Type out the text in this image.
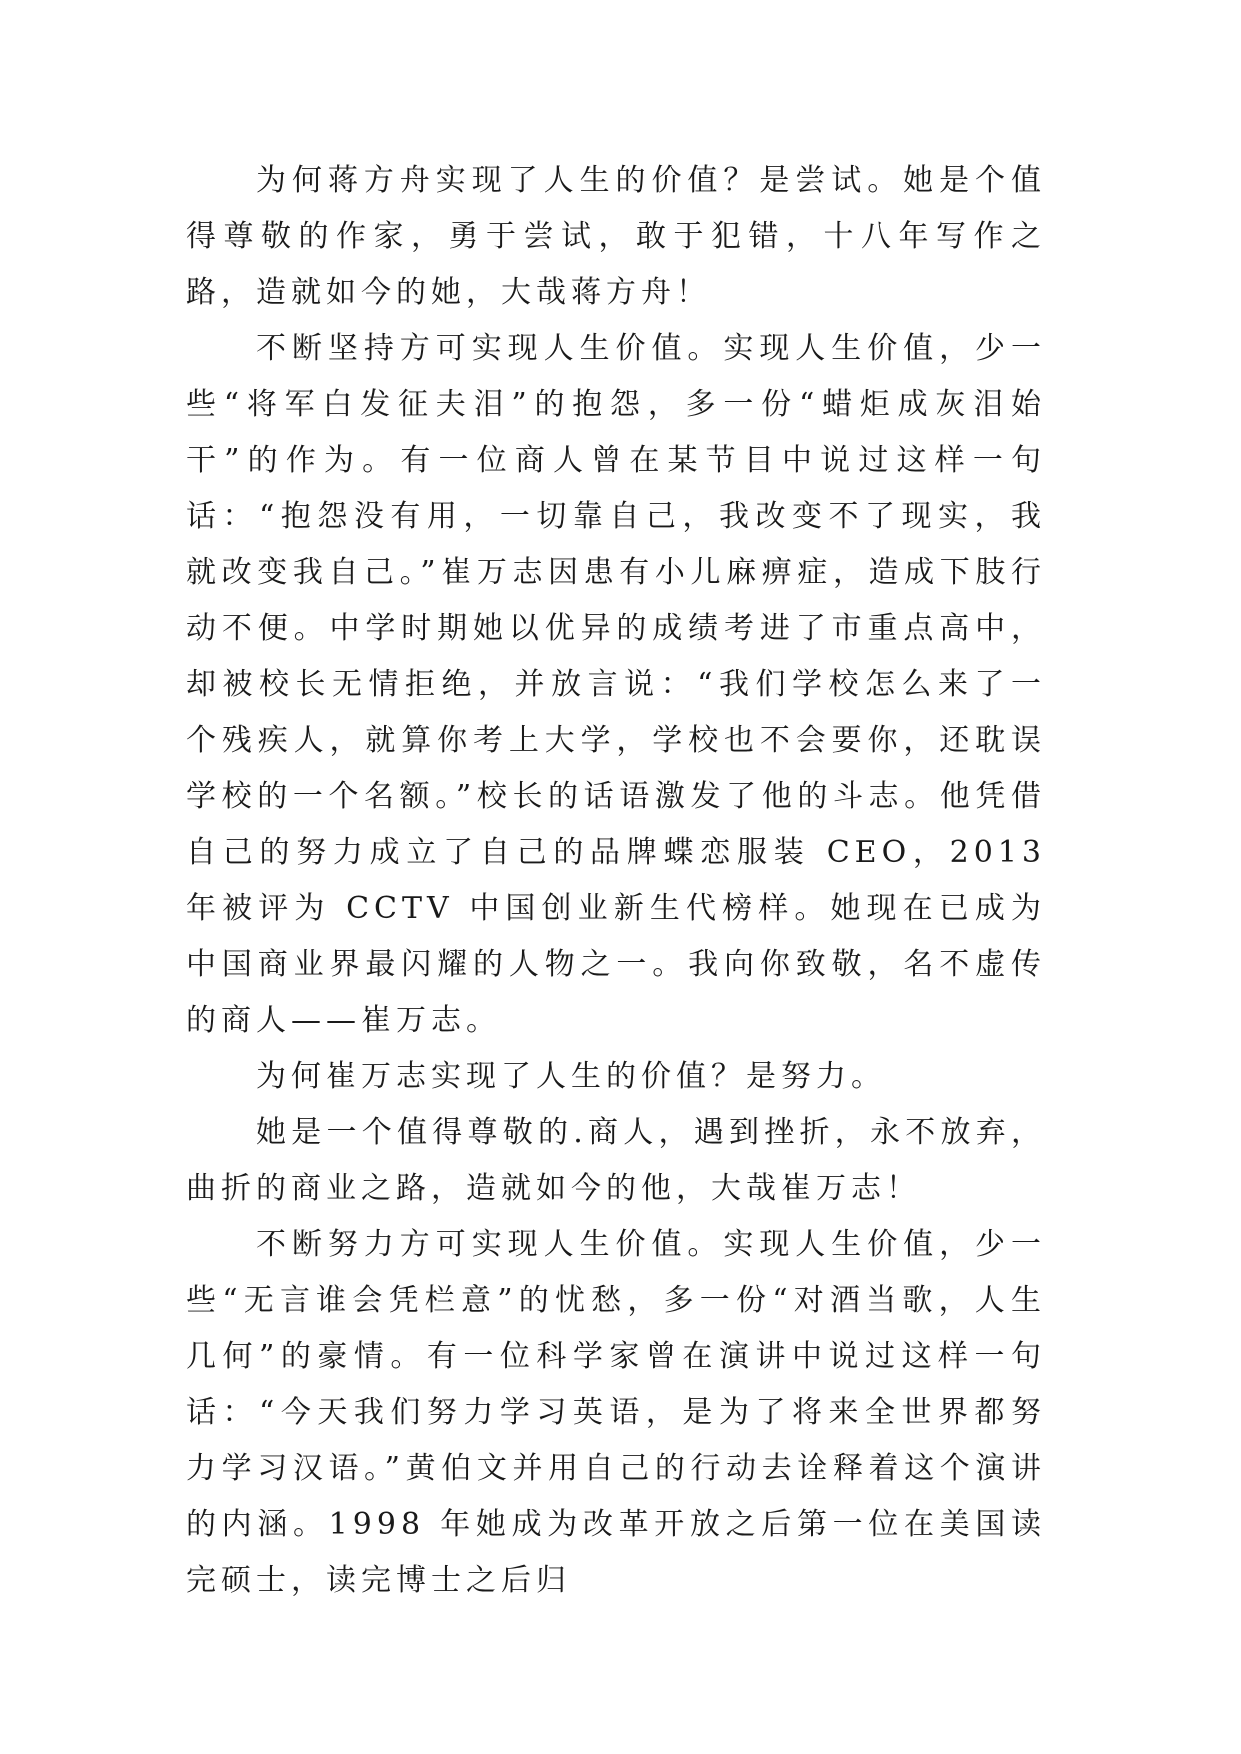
为何蒋方舟实现了人生的价值？是尝试。她是个值得尊敬的作家，勇于尝试，敢于犯错，十八年写作之路，造就如今的她，大哉蒋方舟！

不断坚持方可实现人生价值。实现人生价值，少一些“将军白发征夫泪”的抱怨，多一份“蜡炬成灰泪始干”的作为。有一位商人曾在某节目中说过这样一句话：“抱怨没有用，一切靠自己，我改变不了现实，我就改变我自己。”崔万志因患有小儿麻痹症，造成下肢行动不便。中学时期她以优异的成绩考进了市重点高中，却被校长无情拒绝，并放言说：“我们学校怎么来了一个残疾人，就算你考上大学，学校也不会要你，还耽误学校的一个名额。”校长的话语激发了他的斗志。他凭借自己的努力成立了自己的品牌蝶恋服装 CEO，2013 年被评为 CCTV 中国创业新生代榜样。她现在已成为中国商业界最闪耀的人物之一。我向你致敬，名不虚传的商人——崔万志。

为何崔万志实现了人生的价值？是努力。

她是一个值得尊敬的.商人，遇到挫折，永不放弃，曲折的商业之路，造就如今的他，大哉崔万志！

不断努力方可实现人生价值。实现人生价值，少一些“无言谁会凭栏意”的忧愁，多一份“对酒当歌，人生几何”的豪情。有一位科学家曾在演讲中说过这样一句话：“今天我们努力学习英语，是为了将来全世界都努力学习汉语。”黄伯文并用自己的行动去诠释着这个演讲的内涵。1998 年她成为改革开放之后第一位在美国读完硕士，读完博士之后归
